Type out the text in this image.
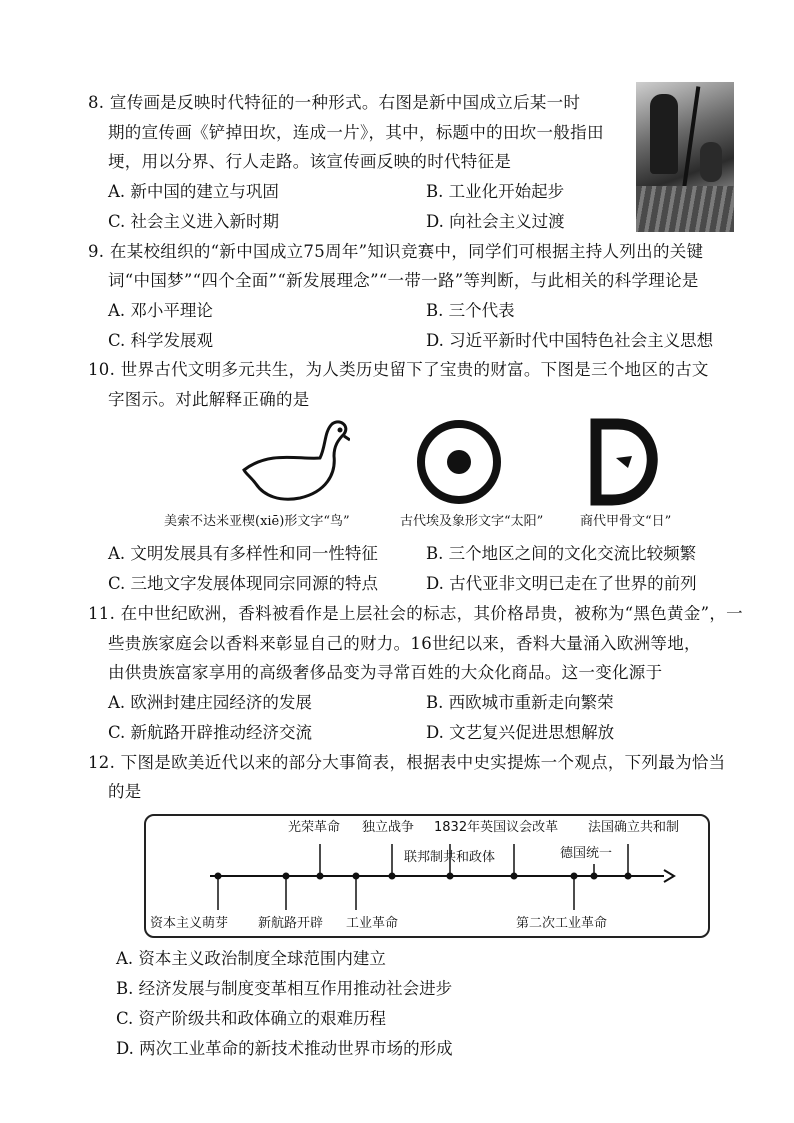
8. 宣传画是反映时代特征的一种形式。右图是新中国成立后某一时
期的宣传画《铲掉田坎，连成一片》，其中，标题中的田坎一般指田
埂，用以分界、行人走路。该宣传画反映的时代特征是
A. 新中国的建立与巩固	B. 工业化开始起步
C. 社会主义进入新时期	D. 向社会主义过渡
9. 在某校组织的“新中国成立75周年”知识竞赛中，同学们可根据主持人列出的关键
词“中国梦”“四个全面”“新发展理念”“一带一路”等判断，与此相关的科学理论是
A. 邓小平理论	B. 三个代表
C. 科学发展观	D. 习近平新时代中国特色社会主义思想
10. 世界古代文明多元共生，为人类历史留下了宝贵的财富。下图是三个地区的古文
字图示。对此解释正确的是
美索不达米亚楔(xiē)形文字“鸟”	古代埃及象形文字“太阳”	商代甲骨文“日”
A. 文明发展具有多样性和同一性特征	B. 三个地区之间的文化交流比较频繁
C. 三地文字发展体现同宗同源的特点	D. 古代亚非文明已走在了世界的前列
11. 在中世纪欧洲，香料被看作是上层社会的标志，其价格昂贵，被称为“黑色黄金”，一
些贵族家庭会以香料来彰显自己的财力。16世纪以来，香料大量涌入欧洲等地，
由供贵族富家享用的高级奢侈品变为寻常百姓的大众化商品。这一变化源于
A. 欧洲封建庄园经济的发展	B. 西欧城市重新走向繁荣
C. 新航路开辟推动经济交流	D. 文艺复兴促进思想解放
12. 下图是欧美近代以来的部分大事简表，根据表中史实提炼一个观点，下列最为恰当
的是
光荣革命 独立战争 1832年英国议会改革 法国确立共和制
联邦制共和政体	德国统一
资本主义萌芽 新航路开辟 工业革命	第二次工业革命
A. 资本主义政治制度全球范围内建立
B. 经济发展与制度变革相互作用推动社会进步
C. 资产阶级共和政体确立的艰难历程
D. 两次工业革命的新技术推动世界市场的形成
